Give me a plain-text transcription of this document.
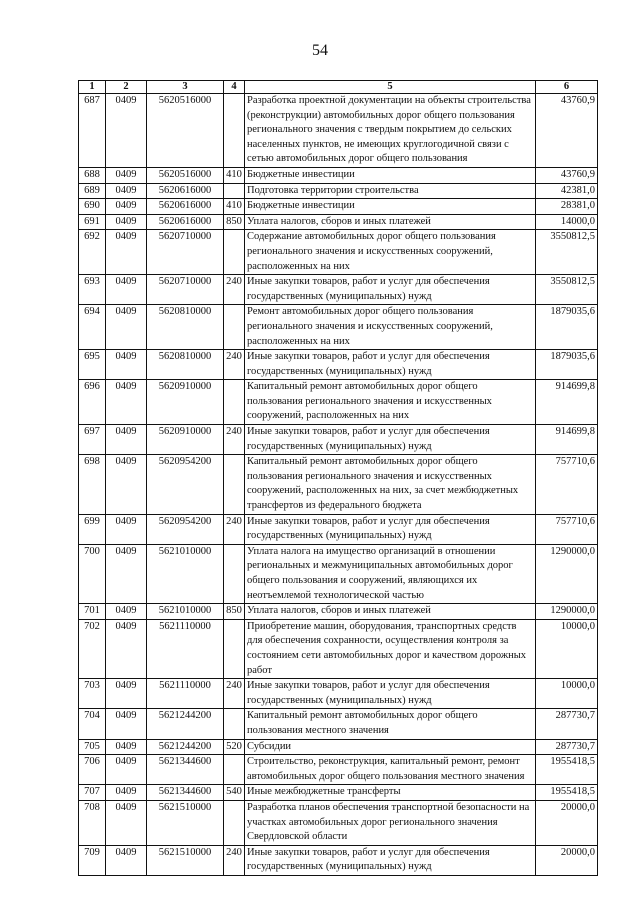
54
1	2	3	4	5	6
687	0409	5620516000		Разработка проектной документации на объекты строительства (реконструкции) автомобильных дорог общего пользования регионального значения с твердым покрытием до сельских населенных пунктов, не имеющих круглогодичной связи с сетью автомобильных дорог общего пользования	43760,9
688	0409	5620516000	410	Бюджетные инвестиции	43760,9
689	0409	5620616000		Подготовка территории строительства	42381,0
690	0409	5620616000	410	Бюджетные инвестиции	28381,0
691	0409	5620616000	850	Уплата налогов, сборов и иных платежей	14000,0
692	0409	5620710000		Содержание автомобильных дорог общего пользования регионального значения и искусственных сооружений, расположенных на них	3550812,5
693	0409	5620710000	240	Иные закупки товаров, работ и услуг для обеспечения государственных (муниципальных) нужд	3550812,5
694	0409	5620810000		Ремонт автомобильных дорог общего пользования регионального значения и искусственных сооружений, расположенных на них	1879035,6
695	0409	5620810000	240	Иные закупки товаров, работ и услуг для обеспечения государственных (муниципальных) нужд	1879035,6
696	0409	5620910000		Капитальный ремонт автомобильных дорог общего пользования регионального значения и искусственных сооружений, расположенных на них	914699,8
697	0409	5620910000	240	Иные закупки товаров, работ и услуг для обеспечения государственных (муниципальных) нужд	914699,8
698	0409	5620954200		Капитальный ремонт автомобильных дорог общего пользования регионального значения и искусственных сооружений, расположенных на них, за счет межбюджетных трансфертов из федерального бюджета	757710,6
699	0409	5620954200	240	Иные закупки товаров, работ и услуг для обеспечения государственных (муниципальных) нужд	757710,6
700	0409	5621010000		Уплата налога на имущество организаций в отношении региональных и межмуниципальных автомобильных дорог общего пользования и сооружений, являющихся их неотъемлемой технологической частью	1290000,0
701	0409	5621010000	850	Уплата налогов, сборов и иных платежей	1290000,0
702	0409	5621110000		Приобретение машин, оборудования, транспортных средств для обеспечения сохранности, осуществления контроля за состоянием сети автомобильных дорог и качеством дорожных работ	10000,0
703	0409	5621110000	240	Иные закупки товаров, работ и услуг для обеспечения государственных (муниципальных) нужд	10000,0
704	0409	5621244200		Капитальный ремонт автомобильных дорог общего пользования местного значения	287730,7
705	0409	5621244200	520	Субсидии	287730,7
706	0409	5621344600		Строительство, реконструкция, капитальный ремонт, ремонт автомобильных дорог общего пользования местного значения	1955418,5
707	0409	5621344600	540	Иные межбюджетные трансферты	1955418,5
708	0409	5621510000		Разработка планов обеспечения транспортной безопасности на участках автомобильных дорог регионального значения Свердловской области	20000,0
709	0409	5621510000	240	Иные закупки товаров, работ и услуг для обеспечения государственных (муниципальных) нужд	20000,0
